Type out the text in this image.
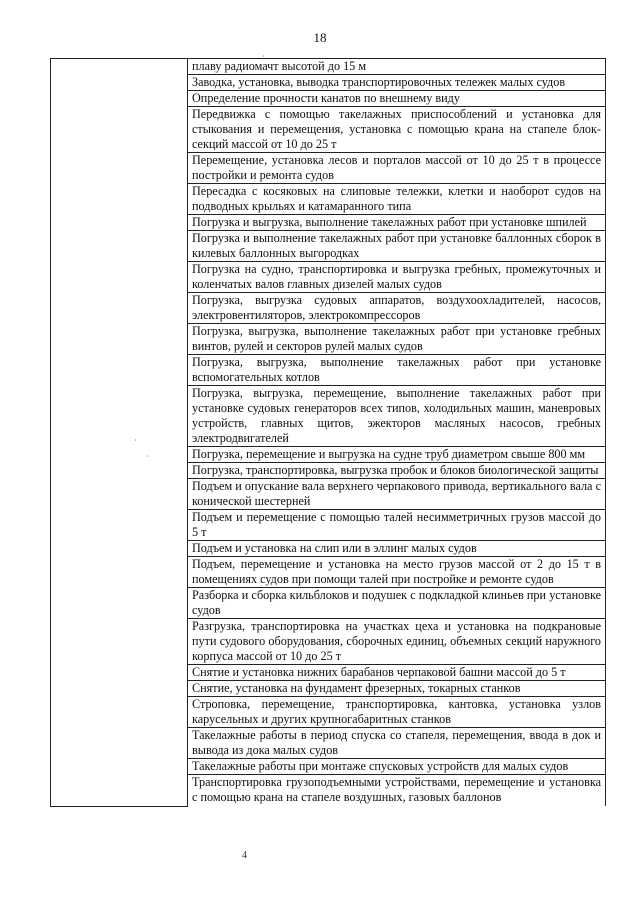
18
	плаву радиомачт высотой до 15 м
Заводка, установка, выводка транспортировочных тележек малых судов
Определение прочности канатов по внешнему виду
Передвижка с помощью такелажных приспособлений и установка для стыкования и перемещения, установка с помощью крана на стапеле блок-секций массой от 10 до 25 т
Перемещение, установка лесов и порталов массой от 10 до 25 т в процессе постройки и ремонта судов
Пересадка с косяковых на слиповые тележки, клетки и наоборот судов на подводных крыльях и катамаранного типа
Погрузка и выгрузка, выполнение такелажных работ при установке шпилей
Погрузка и выполнение такелажных работ при установке баллонных сборок в килевых баллонных выгородках
Погрузка на судно, транспортировка и выгрузка гребных, промежуточных и коленчатых валов главных дизелей малых судов
Погрузка, выгрузка судовых аппаратов, воздухоохладителей, насосов, электровентиляторов, электрокомпрессоров
Погрузка, выгрузка, выполнение такелажных работ при установке гребных винтов, рулей и секторов рулей малых судов
Погрузка, выгрузка, выполнение такелажных работ при установке вспомогательных котлов
Погрузка, выгрузка, перемещение, выполнение такелажных работ при установке судовых генераторов всех типов, холодильных машин, маневровых устройств, главных щитов, эжекторов масляных насосов, гребных электродвигателей
Погрузка, перемещение и выгрузка на судне труб диаметром свыше 800 мм
Погрузка, транспортировка, выгрузка пробок и блоков биологической защиты
Подъем и опускание вала верхнего черпакового привода, вертикального вала с конической шестерней
Подъем и перемещение с помощью талей несимметричных грузов массой до 5 т
Подъем и установка на слип или в эллинг малых судов
Подъем, перемещение и установка на место грузов массой от 2 до 15 т в помещениях судов при помощи талей при постройке и ремонте судов
Разборка и сборка кильблоков и подушек с подкладкой клиньев при установке судов
Разгрузка, транспортировка на участках цеха и установка на подкрановые пути судового оборудования, сборочных единиц, объемных секций наружного корпуса массой от 10 до 25 т
Снятие и установка нижних барабанов черпаковой башни массой до 5 т
Снятие, установка на фундамент фрезерных, токарных станков
Строповка, перемещение, транспортировка, кантовка, установка узлов карусельных и других крупногабаритных станков
Такелажные работы в период спуска со стапеля, перемещения, ввода в док и вывода из дока малых судов
Такелажные работы при монтаже спусковых устройств для малых судов
Транспортировка грузоподъемными устройствами, перемещение и установка с помощью крана на стапеле воздушных, газовых баллонов
4
·
·
·
